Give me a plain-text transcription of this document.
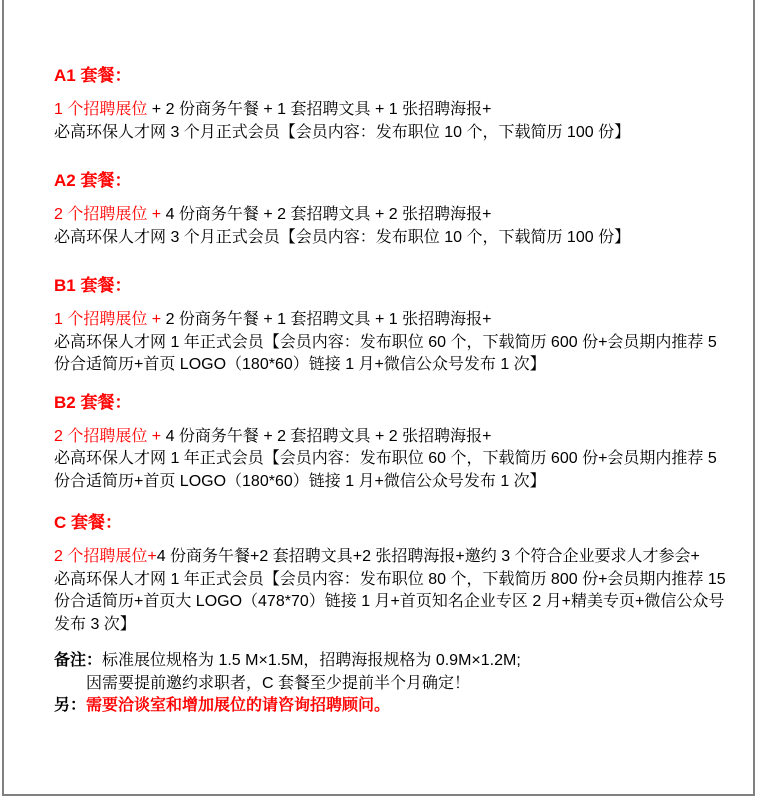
A1 套餐：

1 个招聘展位 + 2 份商务午餐 + 1 套招聘文具 + 1 张招聘海报+

必高环保人才网 3 个月正式会员【会员内容：发布职位 10 个，下载简历 100 份】

A2 套餐：

2 个招聘展位 + 4 份商务午餐 + 2 套招聘文具 + 2 张招聘海报+

必高环保人才网 3 个月正式会员【会员内容：发布职位 10 个，下载简历 100 份】

B1 套餐：

1 个招聘展位 + 2 份商务午餐 + 1 套招聘文具 + 1 张招聘海报+

必高环保人才网 1 年正式会员【会员内容：发布职位 60 个，下载简历 600 份+会员期内推荐 5 份合适简历+首页 LOGO（180*60）链接 1 月+微信公众号发布 1 次】

B2 套餐：

2 个招聘展位 + 4 份商务午餐 + 2 套招聘文具 + 2 张招聘海报+

必高环保人才网 1 年正式会员【会员内容：发布职位 60 个，下载简历 600 份+会员期内推荐 5 份合适简历+首页 LOGO（180*60）链接 1 月+微信公众号发布 1 次】

C 套餐：

2 个招聘展位+4 份商务午餐+2 套招聘文具+2 张招聘海报+邀约 3 个符合企业要求人才参会+

必高环保人才网 1 年正式会员【会员内容：发布职位 80 个，下载简历 800 份+会员期内推荐 15 份合适简历+首页大 LOGO（478*70）链接 1 月+首页知名企业专区 2 月+精美专页+微信公众号发布 3 次】

备注：标准展位规格为 1.5 M×1.5M，招聘海报规格为 0.9M×1.2M;

因需要提前邀约求职者，C 套餐至少提前半个月确定！

另：需要洽谈室和增加展位的请咨询招聘顾问。
